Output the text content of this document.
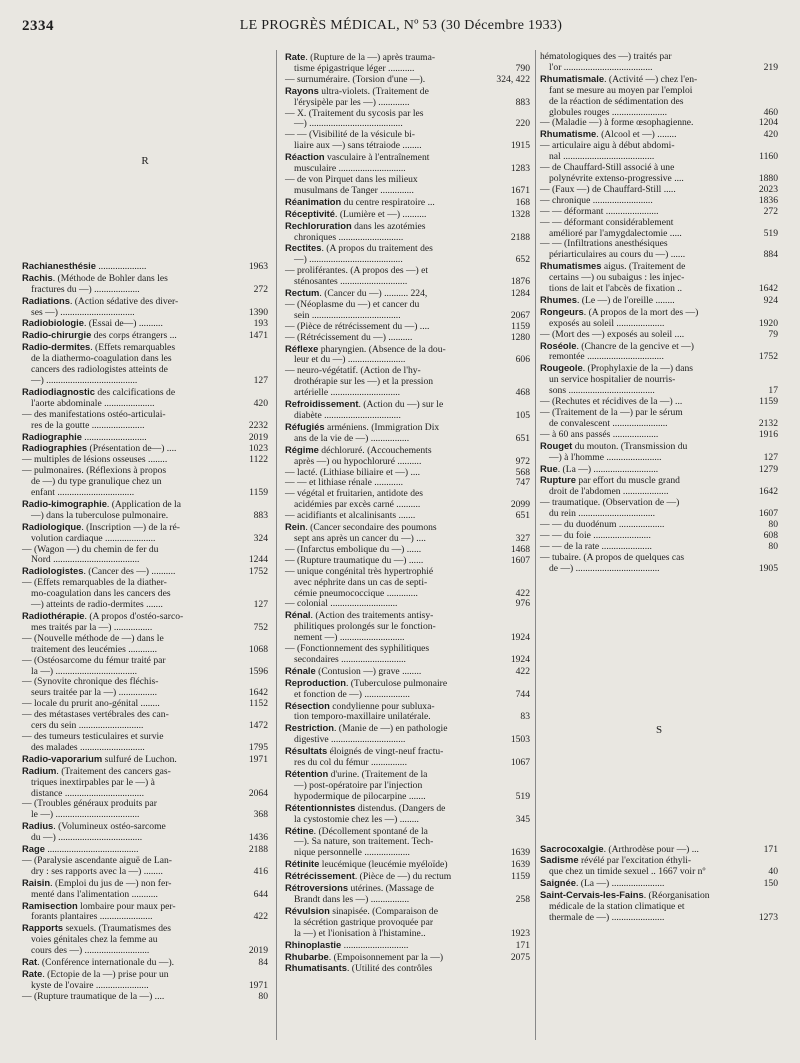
2334	LE PROGRÈS MÉDICAL, Nº 53 (30 Décembre 1933)
R
Rachianesthésie ....................	1963
Rachis. (Méthode de Bohler dans les

fractures du —) ...................	272
Radiations. (Action sédative des diver-

ses —) ...............................	1390
Radiobiologie. (Essai de—) ..........	193
Radio-chirurgie des corps étrangers ...	1471
Radio-dermites. (Effets remarquables

de la diathermo-coagulation dans les
cancers des radiologistes atteints de
—) ......................................	127
Radiodiagnostic des calcifications de

l'aorte abdominale .....................	420
— des manifestations ostéo-articulai-

res de la goutte ......................	2232
Radiographie ..........................	2019
Radiographies (Présentation de—) ....	1023
— multiples de lésions osseuses ........	1122
— pulmonaires. (Réflexions à propos

de —) du type granulique chez un
enfant ................................	1159
Radio-kimographie. (Application de la

—) dans la tuberculose pulmonaire.	883
Radiologique. (Inscription —) de la ré-

volution cardiaque .....................	324
— (Wagon —) du chemin de fer du

Nord ....................................	1244
Radiologistes. (Cancer des —) ..........	1752
— (Effets remarquables de la diather-

mo-coagulation dans les cancers des
—) atteints de radio-dermites .......	127
Radiothérapie. (A propos d'ostéo-sarco-

mes traités par la —) ................	752
— (Nouvelle méthode de —) dans le

traitement des leucémies ............	1068
— (Ostéosarcome du fémur traité par

la —) ..................................	1596
— (Synovite chronique des fléchis-

seurs traitée par la —) ................	1642
— locale du prurit ano-génital ........	1152
— des métastases vertébrales des can-

cers du sein ...........................	1472
— des tumeurs testiculaires et survie

des malades ...........................	1795
Radio-vaporarium sulfuré de Luchon.	1971
Radium. (Traitement des cancers gas-

triques inextirpables par le —) à
distance .................................	2064
— (Troubles généraux produits par

le —) ...................................	368
Radius. (Volumineux ostéo-sarcome

du —) ...................................	1436
Rage ......................................	2188
— (Paralysie ascendante aiguë de Lan-

dry : ses rapports avec la —) ........	416
Raisin. (Emploi du jus de —) non fer-

menté dans l'alimentation ...........	644
Ramisection lombaire pour maux per-

forants plantaires ......................	422
Rapports sexuels. (Traumatismes des

voies génitales chez la femme au
cours des —) ...........................	2019
Rat. (Conférence internationale du —).	84
Rate. (Ectopie de la —) prise pour un

kyste de l'ovaire ......................	1971
— (Rupture traumatique de la —) ....	80
Rate. (Rupture de la —) après trauma-

tisme épigastrique léger ...........	790
— surnuméraire. (Torsion d'une —).	324, 422
Rayons ultra-violets. (Traitement de

l'érysipèle par les —) .............	883
— X. (Traitement du sycosis par les

—) .......................................	220
— — (Visibilité de la vésicule bi-

liaire aux —) sans tétraiode ........	1915
Réaction vasculaire à l'entraînement

musculaire ............................	1283
— de von Pirquet dans les milieux

musulmans de Tanger ..............	1671
Réanimation du centre respiratoire ...	168
Réceptivité. (Lumière et —) ..........	1328
Rechloruration dans les azotémies

chroniques ...........................	2188
Rectites. (A propos du traitement des

—) .......................................	652
— proliférantes. (A propos des —) et

sténosantes ............................	1876
Rectum. (Cancer du —) .......... 224,	1284
— (Néoplasme du —) et cancer du

sein .....................................	2067
— (Pièce de rétrécissement du —) ....	1159
— (Rétrécissement du —) ..........	1280
Réflexe pharyngien. (Absence de la dou-

leur et du —) ........................	606
— neuro-végétatif. (Action de l'hy-

drothérapie sur les —) et la pression
artérielle .............................	468
Refroidissement. (Action du —) sur le

diabète ................................	105
Réfugiés arméniens. (Immigration Dix

ans de la vie de —) ................	651
Régime déchloruré. (Accouchements

après —) ou hypochloruré ..........	972
— lacté. (Lithiase biliaire et —) ....	568
— — et lithiase rénale ............	747
— végétal et fruitarien, antidote des

acidémies par excès carné ..........	2099
— acidifiants et alcalinisants .......	651
Rein. (Cancer secondaire des poumons

sept ans après un cancer du —) ....	327
— (Infarctus embolique du —) ......	1468
— (Rupture traumatique du —) ......	1607
— unique congénital très hypertrophié

avec néphrite dans un cas de septi-
cémie pneumococcique .............	422
— colonial ............................	976
Rénal. (Action des traitements antisy-

philitiques prolongés sur le fonction-
nement —) ...........................	1924
— (Fonctionnement des syphilitiques

secondaires ...........................	1924
Rénale (Contusion —) grave ........	422
Reproduction. (Tuberculose pulmonaire

et fonction de —) ...................	744
Résection condylienne pour subluxa-

tion temporo-maxillaire unilatérale.	83
Restriction. (Manie de —) en pathologie

digestive ...............................	1503
Résultats éloignés de vingt-neuf fractu-

res du col du fémur ...............	1067
Rétention d'urine. (Traitement de la

—) post-opératoire par l'injection
hypodermique de pilocarpine .......	519
Rétentionnistes distendus. (Dangers de

la cystostomie chez les —) ........	345
Rétine. (Décollement spontané de la

—). Sa nature, son traitement. Tech-
nique personnelle ...................	1639
Rétinite leucémique (leucémie myéloïde)	1639
Rétrécissement. (Pièce de —) du rectum	1159
Rétroversions utérines. (Massage de

Brandt dans les —) ................	258
Révulsion sinapisée. (Comparaison de

la sécrétion gastrique provoquée par
la —) et l'ionisation à l'histamine..	1923
Rhinoplastie ...........................	171
Rhubarbe. (Empoisonnement par la —)	2075
Rhumatisants. (Utilité des contrôles
hématologiques des —) traités par

l'or .....................................	219
Rhumatismale. (Activité —) chez l'en-

fant se mesure au moyen par l'emploi
de la réaction de sédimentation des
globules rouges .......................	460
— (Maladie —) à forme œsophagienne.	1204
Rhumatisme. (Alcool et —) ........	420
— articulaire aigu à début abdomi-

nal ......................................	1160
— de Chauffard-Still associé à une

polynévrite extenso-progressive ....	1880
— (Faux —) de Chauffard-Still .....	2023
— chronique .........................	1836
— — déformant ......................	272
— — déformant considérablement

amélioré par l'amygdalectomie .....	519
— — (Infiltrations anesthésiques

périarticulaires au cours du —) ......	884
Rhumatismes aigus. (Traitement de

certains —) ou subaigus : les injec-
tions de lait et l'abcès de fixation ..	1642
Rhumes. (Le —) de l'oreille ........	924
Rongeurs. (A propos de la mort des —)

exposés au soleil ....................	1920
— (Mort des —) exposés au soleil ....	79
Roséole. (Chancre de la gencive et —)

remontée ................................	1752
Rougeole. (Prophylaxie de la —) dans

un service hospitalier de nourris-
sons ....................................	17
— (Rechutes et récidives de la —) ...	1159
— (Traitement de la —) par le sérum

de convalescent .......................	2132
— à 60 ans passés ...................	1916
Rouget du mouton. (Transmission du

—) à l'homme .......................	127
Rue. (La —) ...........................	1279
Rupture par effort du muscle grand

droit de l'abdomen ...................	1642
— traumatique. (Observation de —)

du rein ................................	1607
— — du duodénum ...................	80
— — du foie ........................	608
— — de la rate .....................	80
— tubaire. (A propos de quelques cas

de —) ...................................	1905
S
Sacrocoxalgie. (Arthrodèse pour —) ...	171
Sadisme révélé par l'excitation éthyli-

que chez un timide sexuel .. 1667 voir nº	40
Saignée. (La —) ......................	150
Saint-Cervais-les-Fains. (Réorganisation

médicale de la station climatique et
thermale de —) ......................	1273
